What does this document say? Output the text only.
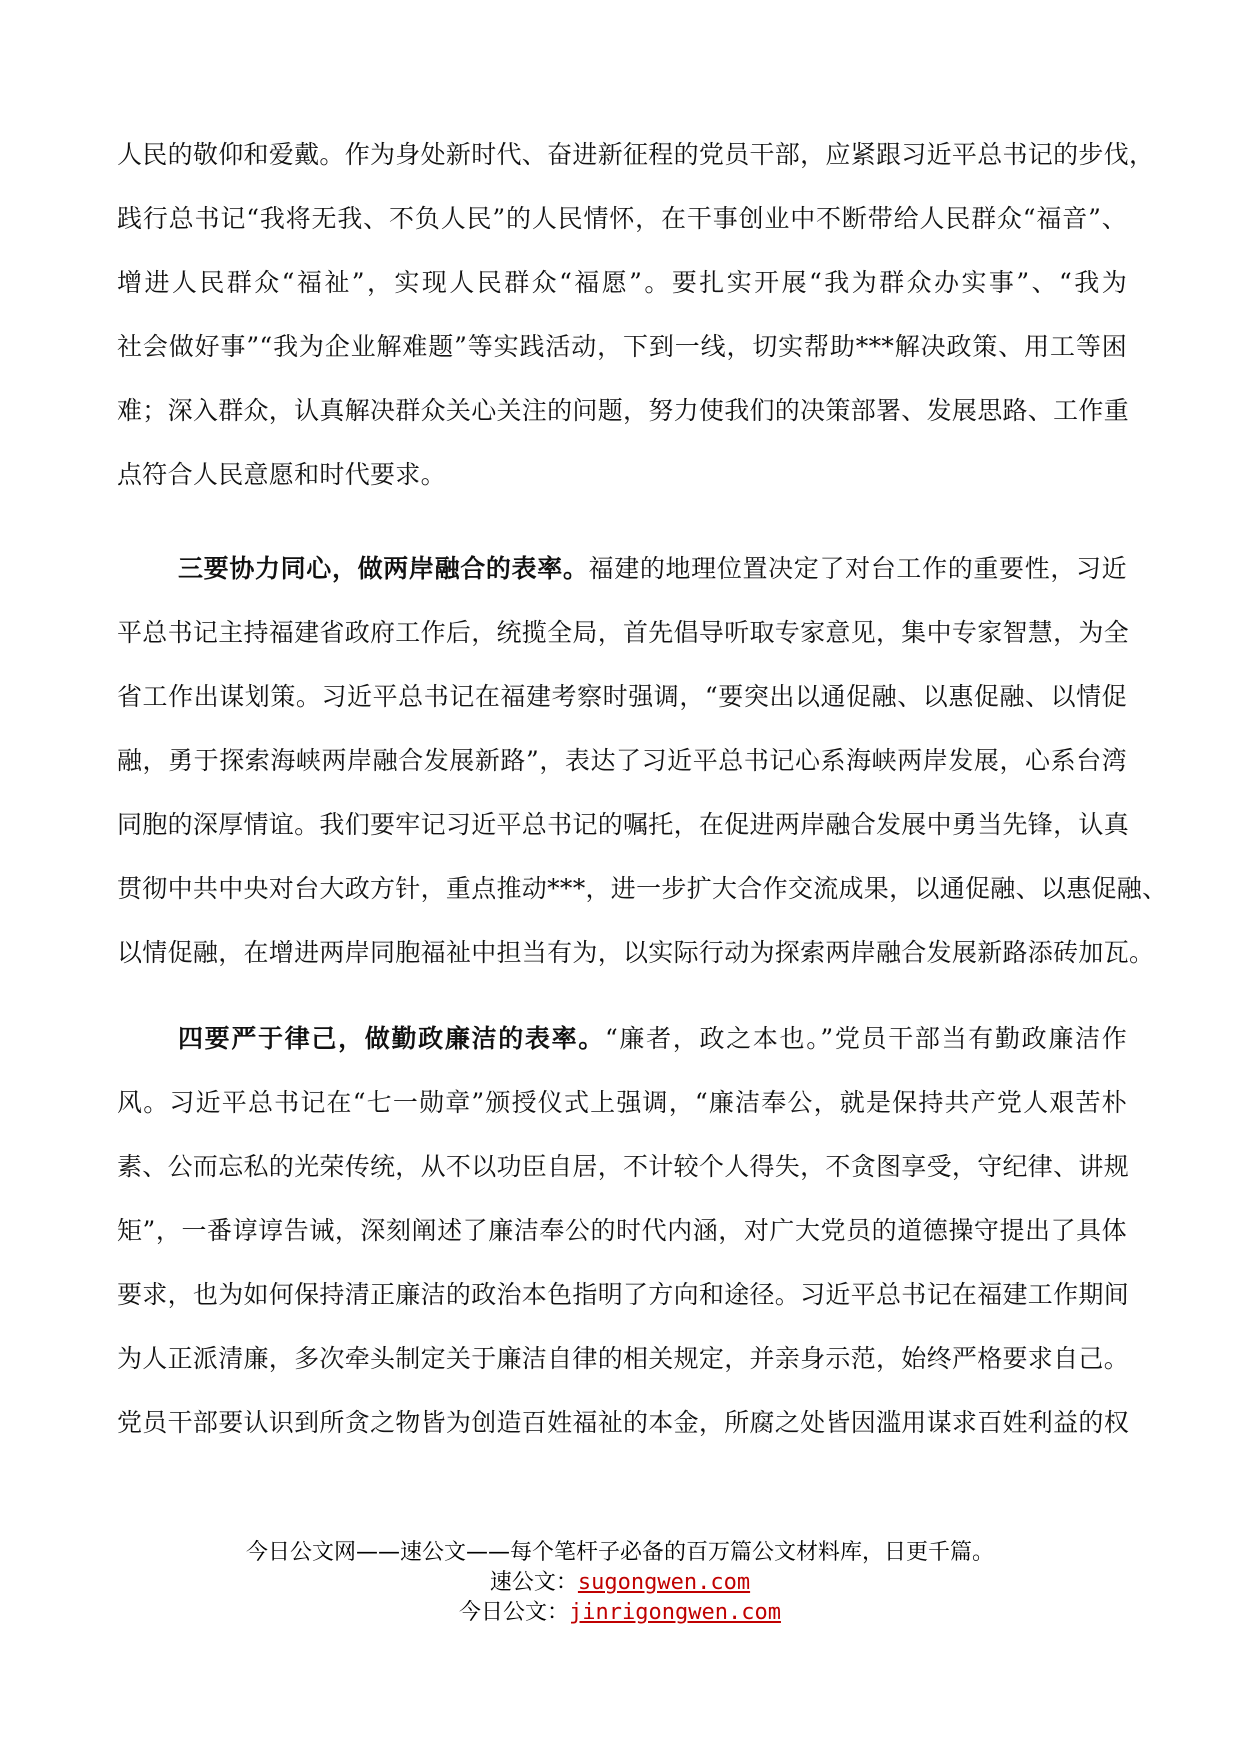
人民的敬仰和爱戴。作为身处新时代、奋进新征程的党员干部，应紧跟习近平总书记的步伐，
践行总书记“我将无我、不负人民”的人民情怀，在干事创业中不断带给人民群众“福音”、
增进人民群众“福祉”，实现人民群众“福愿”。要扎实开展“我为群众办实事”、“我为
社会做好事”“我为企业解难题”等实践活动，下到一线，切实帮助***解决政策、用工等困
难；深入群众，认真解决群众关心关注的问题，努力使我们的决策部署、发展思路、工作重
点符合人民意愿和时代要求。
三要协力同心，做两岸融合的表率。福建的地理位置决定了对台工作的重要性，习近
平总书记主持福建省政府工作后，统揽全局，首先倡导听取专家意见，集中专家智慧，为全
省工作出谋划策。习近平总书记在福建考察时强调，“要突出以通促融、以惠促融、以情促
融，勇于探索海峡两岸融合发展新路”，表达了习近平总书记心系海峡两岸发展，心系台湾
同胞的深厚情谊。我们要牢记习近平总书记的嘱托，在促进两岸融合发展中勇当先锋，认真
贯彻中共中央对台大政方针，重点推动***，进一步扩大合作交流成果，以通促融、以惠促融、
以情促融，在增进两岸同胞福祉中担当有为，以实际行动为探索两岸融合发展新路添砖加瓦。
四要严于律己，做勤政廉洁的表率。“廉者，政之本也。”党员干部当有勤政廉洁作
风。习近平总书记在“七一勋章”颁授仪式上强调，“廉洁奉公，就是保持共产党人艰苦朴
素、公而忘私的光荣传统，从不以功臣自居，不计较个人得失，不贪图享受，守纪律、讲规
矩”，一番谆谆告诫，深刻阐述了廉洁奉公的时代内涵，对广大党员的道德操守提出了具体
要求，也为如何保持清正廉洁的政治本色指明了方向和途径。习近平总书记在福建工作期间
为人正派清廉，多次牵头制定关于廉洁自律的相关规定，并亲身示范，始终严格要求自己。
党员干部要认识到所贪之物皆为创造百姓福祉的本金，所腐之处皆因滥用谋求百姓利益的权
今日公文网——速公文——每个笔杆子必备的百万篇公文材料库，日更千篇。
速公文：sugongwen.com
今日公文：jinrigongwen.com
